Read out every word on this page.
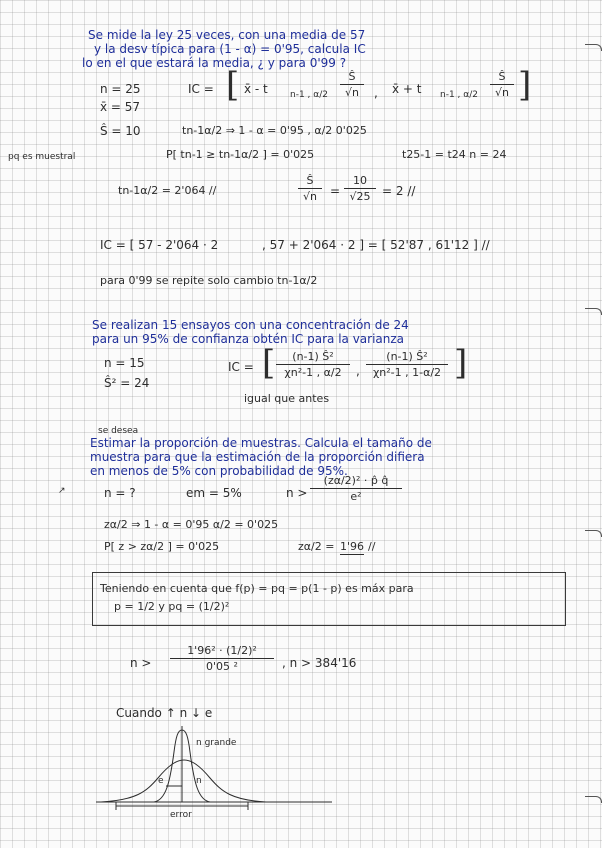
Se mide la ley 25 veces, con una media de 57
y la desv típica para (1 - α) = 0'95, calcula IC
lo en el que estará la media, ¿ y para 0'99 ?
n = 25
x̄ = 57
Ŝ = 10
pq es muestral
IC = [ x̄ - t n-1 , α/2
Ŝ
√n	, x̄ + t n-1 , α/2
Ŝ
√n ]
tn-1α/2 ⇒ 1 - α = 0'95 , α/2 0'025
P[ tn-1 ≥ tn-1α/2 ] = 0'025	t25-1 = t24 n = 24
tn-1α/2 = 2'064 //
Ŝ
√n	=
10
√25 = 2 //
IC = [ 57 - 2'064 · 2	, 57 + 2'064 · 2 ] = [ 52'87 , 61'12 ] //
para 0'99 se repite solo cambio tn-1α/2
Se realizan 15 ensayos con una concentración de 24
para un 95% de confianza obtén IC para la varianza
n = 15
Ŝ² = 24
IC = [	(n-1) Ŝ²
χn²-1 , α/2	,
(n-1) Ŝ²
χn²-1 , 1-α/2 ]
igual que antes
se desea
Estimar la proporción de muestras. Calcula el tamaño de
muestra para que la estimación de la proporción difiera
en menos de 5% con probabilidad de 95%.
↗	n = ?	em = 5%	n >
(zα/2)² · p̂ q̂
e²
zα/2 ⇒ 1 - α = 0'95 α/2 = 0'025
P[ z > zα/2 ] = 0'025	zα/2 = 1'96 //
Teniendo en cuenta que f(p) = pq = p(1 - p) es máx para
p = 1/2 y pq = (1/2)²
n >
1'96² · (1/2)²
0'05 ²	, n > 384'16
Cuando ↑ n ↓ e
n grande
e	n
error
